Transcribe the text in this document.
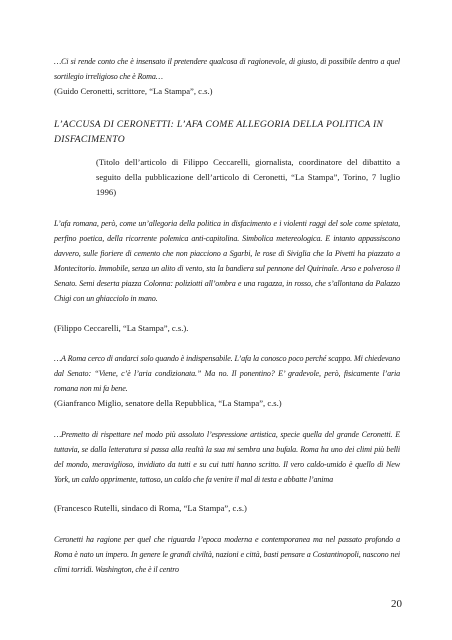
…Ci si rende conto che è insensato il pretendere qualcosa di ragionevole, di giusto, di possibile dentro a quel sortilegio irreligioso che è Roma…

(Guido Ceronetti, scrittore, “La Stampa”, c.s.)

L’ACCUSA DI CERONETTI: L’AFA COME ALLEGORIA DELLA POLITICA IN DISFACIMENTO

(Titolo dell’articolo di Filippo Ceccarelli, giornalista, coordinatore del dibattito a seguito della pubblicazione dell’articolo di Ceronetti, “La Stampa”, Torino, 7 luglio 1996)

L’afa romana, però, come un’allegoria della politica in disfacimento e i violenti raggi del sole come spietata, perfino poetica, della ricorrente polemica anti-capitolina. Simbolica metereologica. E intanto appassiscono davvero, sulle fioriere di cemento che non piacciono a Sgarbi, le rose di Siviglia che la Pivetti ha piazzato a Montecitorio. Immobile, senza un alito di vento, sta la bandiera sul pennone del Quirinale. Arso e polveroso il Senato. Semi deserta piazza Colonna: poliziotti all’ombra e una ragazza, in rosso, che s’allontana da Palazzo Chigi con un ghiacciolo in mano.

(Filippo Ceccarelli, “La Stampa”, c.s.).

…A Roma cerco di andarci solo quando è indispensabile. L’afa la conosco poco perché scappo. Mi chiedevano dal Senato: “Viene, c’è l’aria condizionata.” Ma no. Il ponentino? E’ gradevole, però, fisicamente l’aria romana non mi fa bene.

(Gianfranco Miglio, senatore della Repubblica, “La Stampa”, c.s.)

…Premetto di rispettare nel modo più assoluto l’espressione artistica, specie quella del grande Ceronetti. E tuttavia, se dalla letteratura si passa alla realtà la sua mi sembra una bufala. Roma ha uno dei climi più belli del mondo, meraviglioso, invidiato da tutti e su cui tutti hanno scritto. Il vero caldo-umido è quello di New York, un caldo opprimente, tattoso, un caldo che fa venire il mal di testa e abbatte l’anima

(Francesco Rutelli, sindaco di Roma, “La Stampa”, c.s.)

Ceronetti ha ragione per quel che riguarda l’epoca moderna e contemporanea ma nel passato profondo a Roma è nato un impero. In genere le grandi civiltà, nazioni e città, basti pensare a Costantinopoli, nascono nei climi torridi. Washington, che è il centro

20
